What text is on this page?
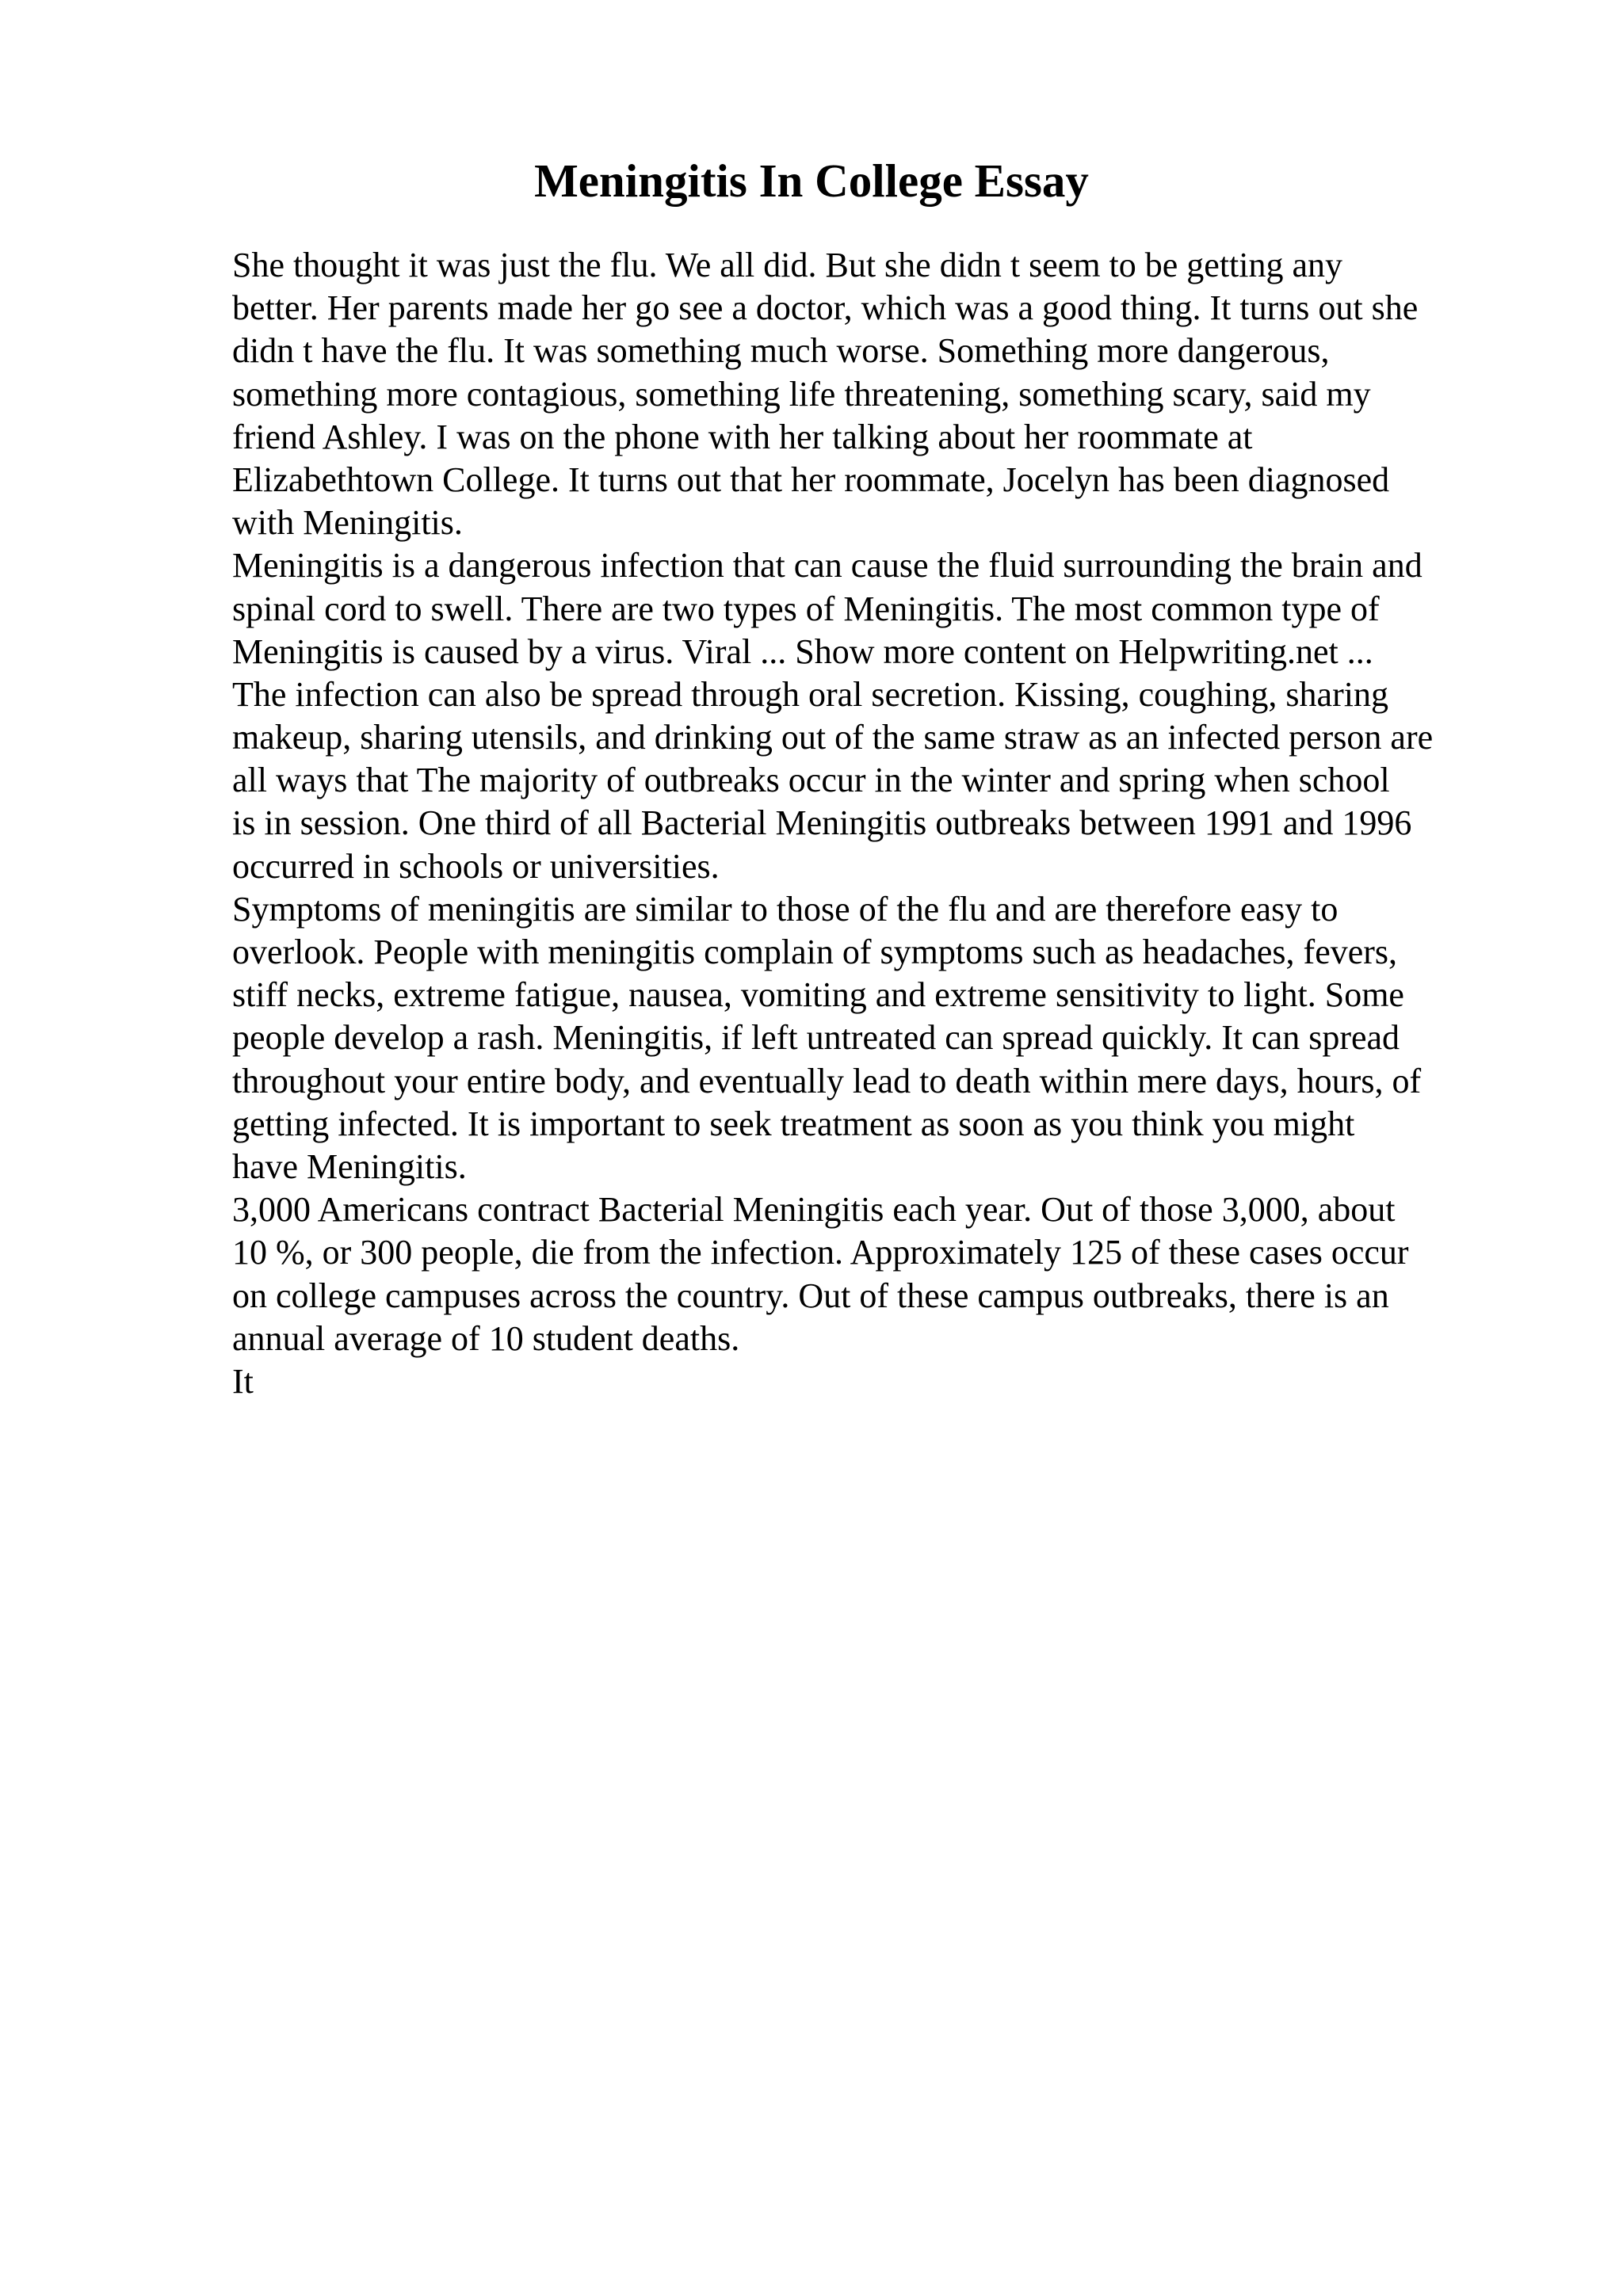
Meningitis In College Essay
She thought it was just the flu. We all did. But she didn t seem to be getting any
better. Her parents made her go see a doctor, which was a good thing. It turns out she
didn t have the flu. It was something much worse. Something more dangerous,
something more contagious, something life threatening, something scary, said my
friend Ashley. I was on the phone with her talking about her roommate at
Elizabethtown College. It turns out that her roommate, Jocelyn has been diagnosed
with Meningitis.
Meningitis is a dangerous infection that can cause the fluid surrounding the brain and
spinal cord to swell. There are two types of Meningitis. The most common type of
Meningitis is caused by a virus. Viral ... Show more content on Helpwriting.net ...
The infection can also be spread through oral secretion. Kissing, coughing, sharing
makeup, sharing utensils, and drinking out of the same straw as an infected person are
all ways that The majority of outbreaks occur in the winter and spring when school
is in session. One third of all Bacterial Meningitis outbreaks between 1991 and 1996
occurred in schools or universities.
Symptoms of meningitis are similar to those of the flu and are therefore easy to
overlook. People with meningitis complain of symptoms such as headaches, fevers,
stiff necks, extreme fatigue, nausea, vomiting and extreme sensitivity to light. Some
people develop a rash. Meningitis, if left untreated can spread quickly. It can spread
throughout your entire body, and eventually lead to death within mere days, hours, of
getting infected. It is important to seek treatment as soon as you think you might
have Meningitis.
3,000 Americans contract Bacterial Meningitis each year. Out of those 3,000, about
10 %, or 300 people, die from the infection. Approximately 125 of these cases occur
on college campuses across the country. Out of these campus outbreaks, there is an
annual average of 10 student deaths.
It
